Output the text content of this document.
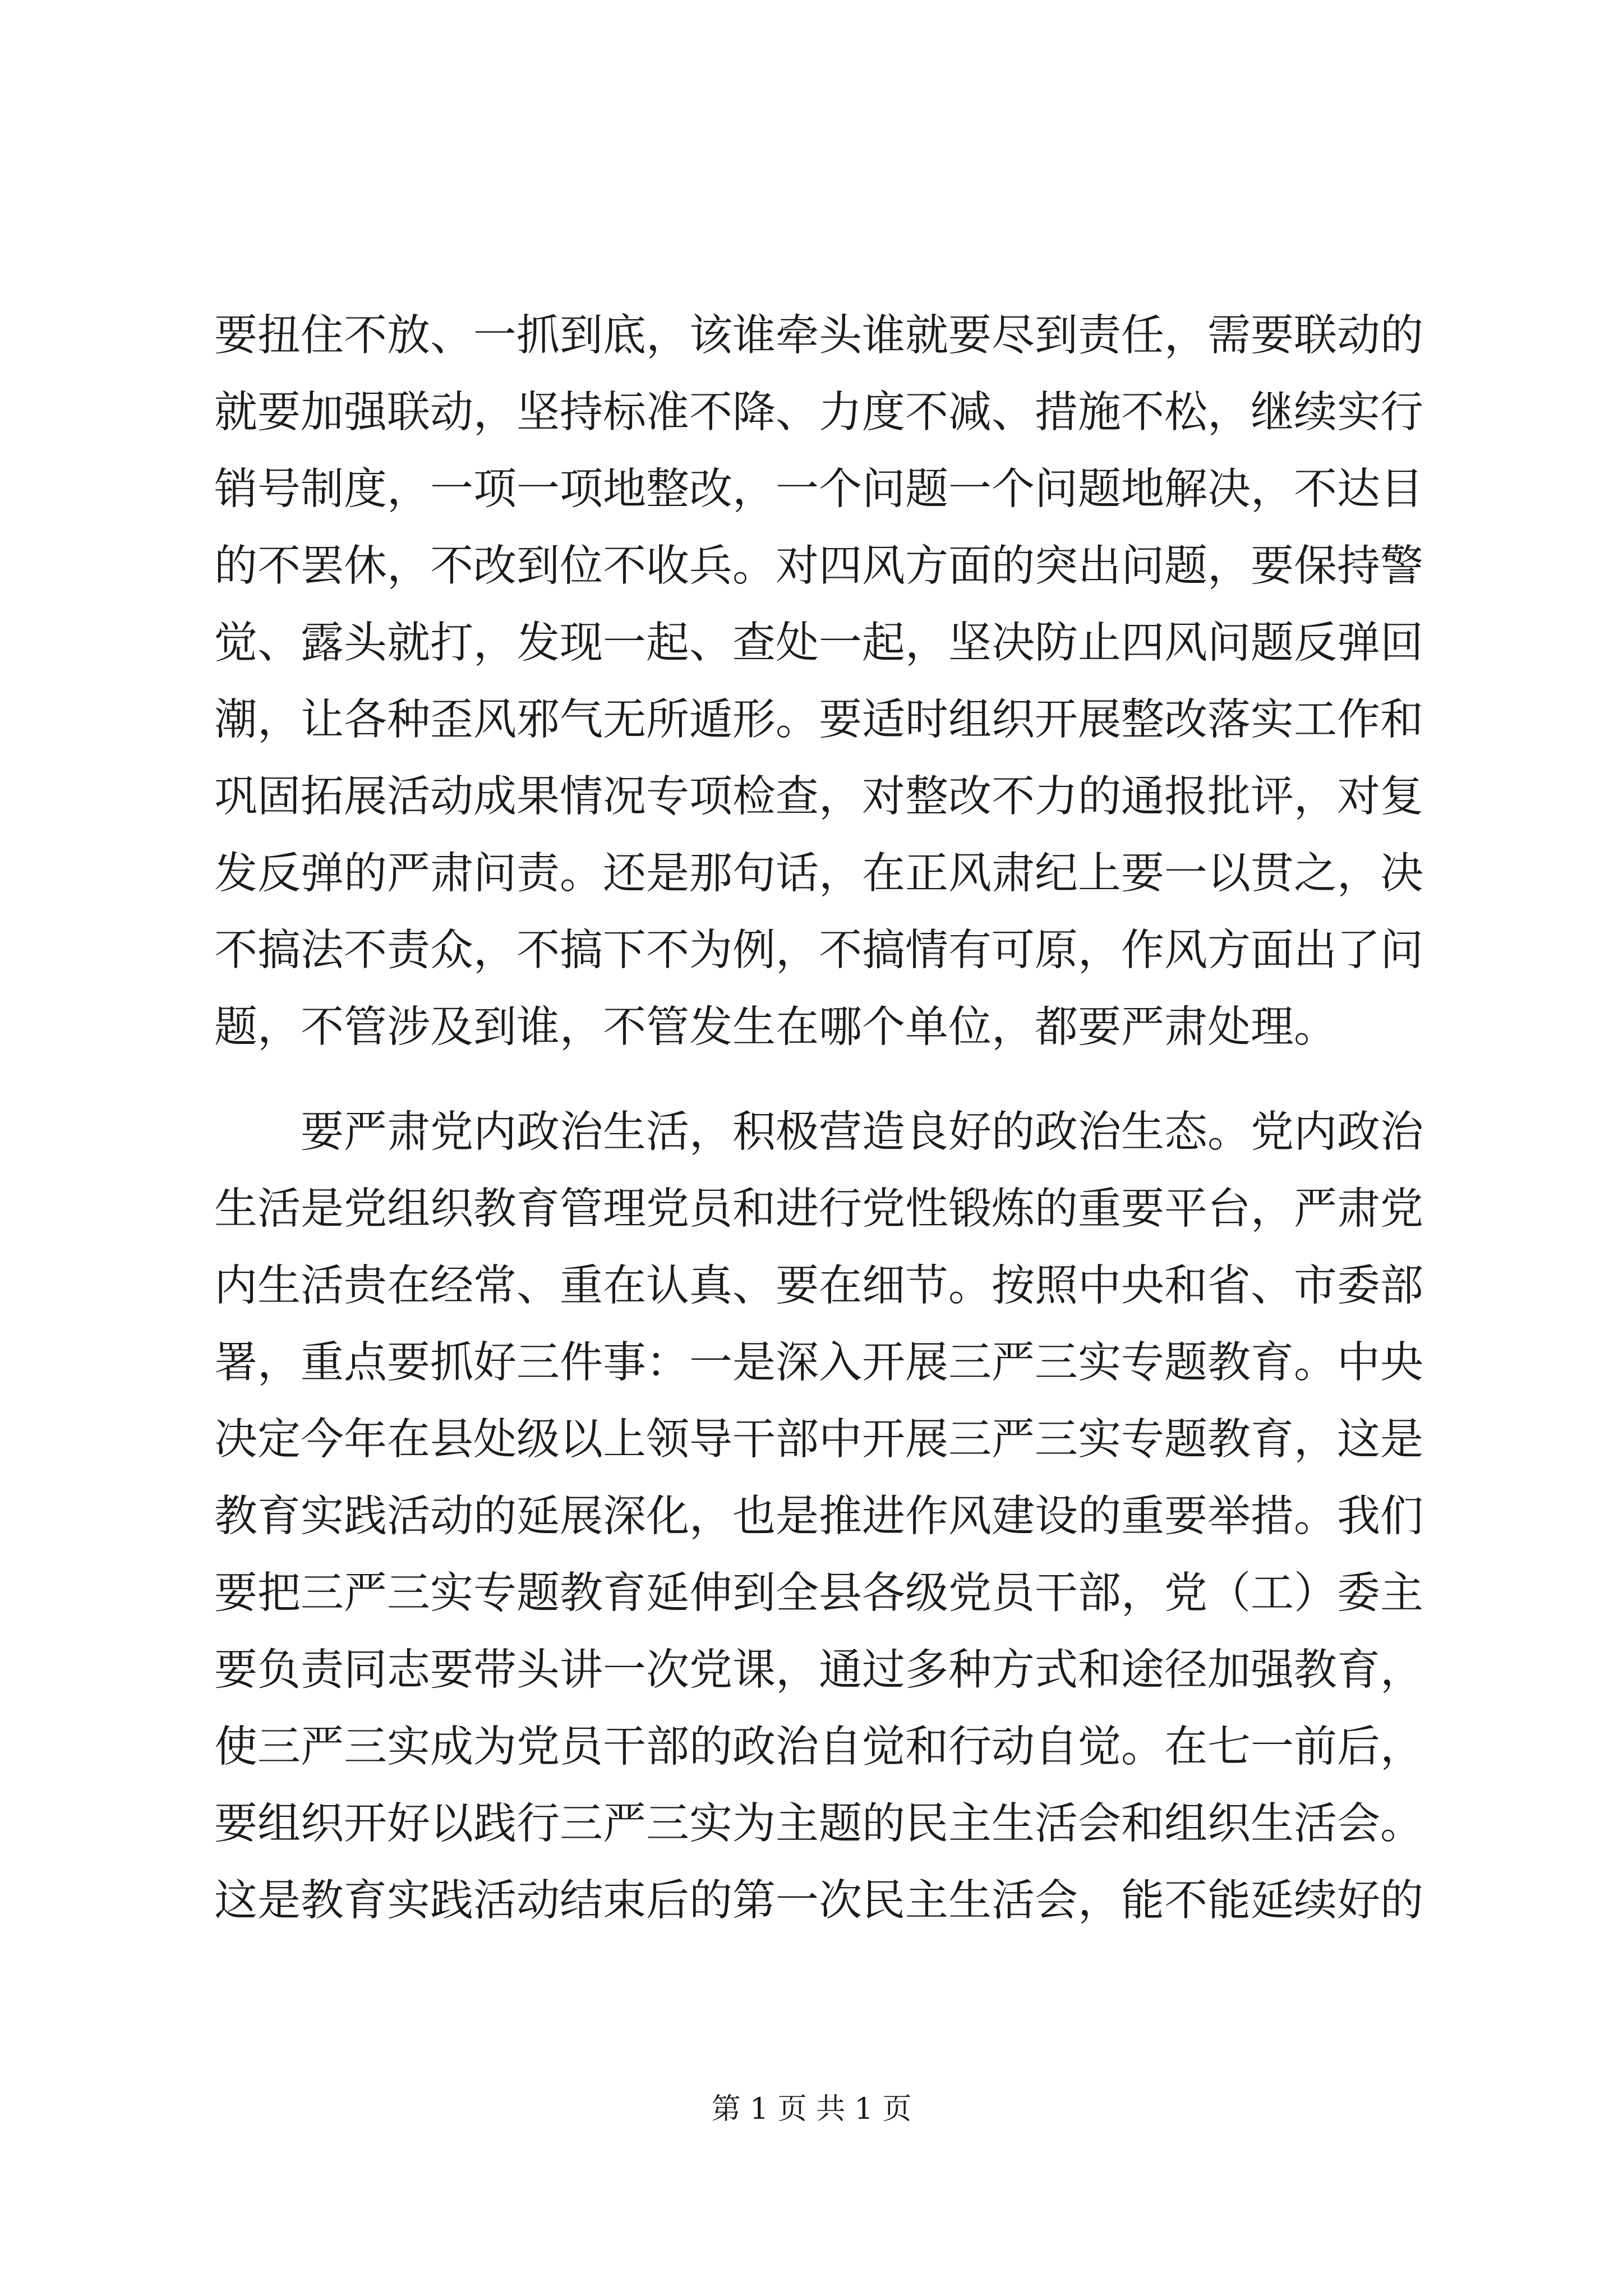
要扭住不放、一抓到底，该谁牵头谁就要尽到责任，需要联动的
就要加强联动，坚持标准不降、力度不减、措施不松，继续实行
销号制度，一项一项地整改，一个问题一个问题地解决，不达目
的不罢休，不改到位不收兵。对四风方面的突出问题，要保持警
觉、露头就打，发现一起、查处一起，坚决防止四风问题反弹回
潮，让各种歪风邪气无所遁形。要适时组织开展整改落实工作和
巩固拓展活动成果情况专项检查，对整改不力的通报批评，对复
发反弹的严肃问责。还是那句话，在正风肃纪上要一以贯之，决
不搞法不责众，不搞下不为例，不搞情有可原，作风方面出了问
题，不管涉及到谁，不管发生在哪个单位，都要严肃处理。
要严肃党内政治生活，积极营造良好的政治生态。党内政治
生活是党组织教育管理党员和进行党性锻炼的重要平台，严肃党
内生活贵在经常、重在认真、要在细节。按照中央和省、市委部
署，重点要抓好三件事：一是深入开展三严三实专题教育。中央
决定今年在县处级以上领导干部中开展三严三实专题教育，这是
教育实践活动的延展深化，也是推进作风建设的重要举措。我们
要把三严三实专题教育延伸到全县各级党员干部，党（工）委主
要负责同志要带头讲一次党课，通过多种方式和途径加强教育，
使三严三实成为党员干部的政治自觉和行动自觉。在七一前后，
要组织开好以践行三严三实为主题的民主生活会和组织生活会。
这是教育实践活动结束后的第一次民主生活会，能不能延续好的
第 1 页 共 1 页
